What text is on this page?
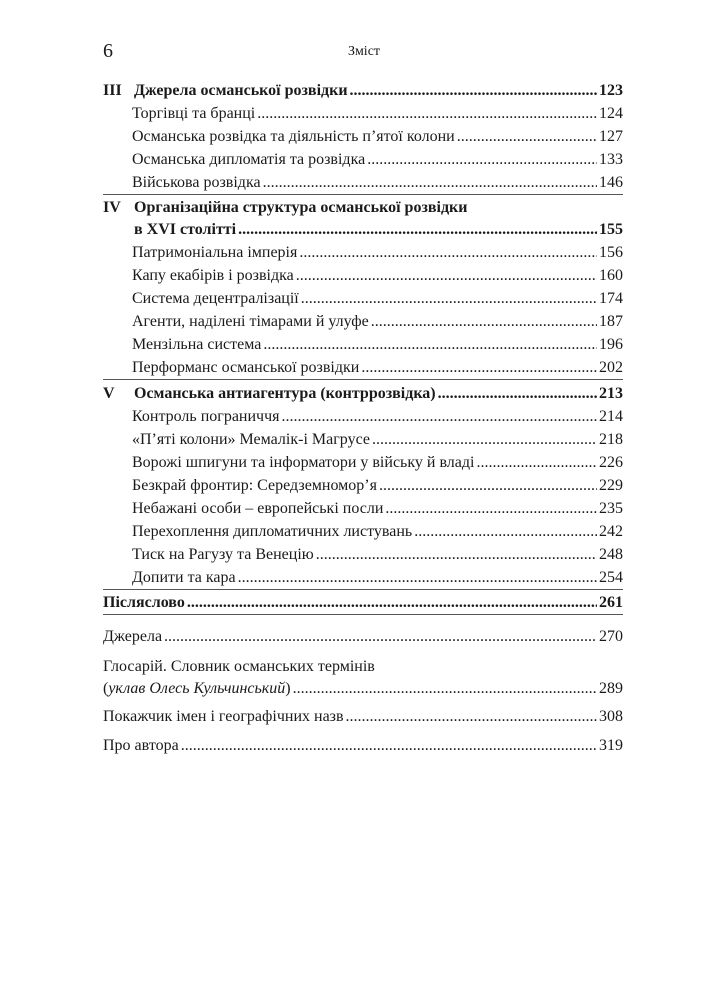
6	Зміст
III Джерела османської розвідки . . .	123
Торгівці та бранці . . .	124
Османська розвідка та діяльність п’ятої колони . . .	127
Османська дипломатія та розвідка . . .	133
Військова розвідка . . .	146
IV Організаційна структура османської розвідки
в XVI столітті . . .	155
Патримоніальна імперія . . .	156
Капу екабірів і розвідка . . .	160
Система децентралізації . . .	174
Агенти, наділені тімарами й улуфе . . .	187
Мензільна система . . .	196
Перформанс османської розвідки . . .	202
V Османська антиагентура (контррозвідка) . . .	213
Контроль пограниччя . . .	214
«П’яті колони» Мемалік-і Магрусе . . .	218
Ворожі шпигуни та інформатори у війську й владі . . .	226
Безкрай фронтир: Середземномор’я . . .	229
Небажані особи – европейські посли . . .	235
Перехоплення дипломатичних листувань . . .	242
Тиск на Рагузу та Венецію . . .	248
Допити та кара . . .	254
Післяслово . . .	261
Джерела . . .	270
Глосарій. Словник османських термінів
(уклав Олесь Кульчинський) . . .	289
Покажчик імен і географічних назв . . .	308
Про автора . . .	319
